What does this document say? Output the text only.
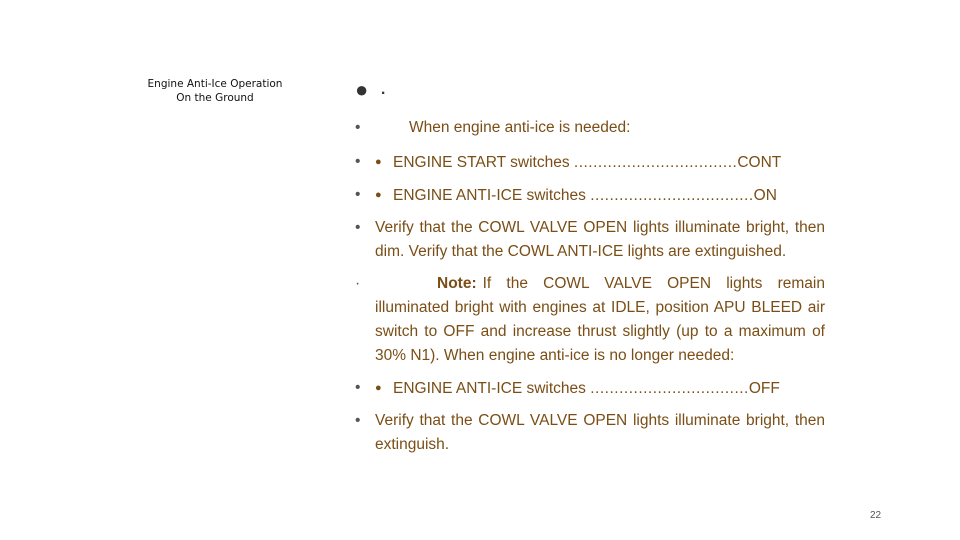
Engine Anti-Ice Operation
On the Ground	● .
•	When engine anti-ice is needed:
• ● ENGINE START switches ..................................CONT
• ● ENGINE ANTI-ICE switches ..................................ON
• Verify that the COWL VALVE OPEN lights illuminate bright, then dim. Verify that the COWL ANTI-ICE lights are extinguished.
·	Note: If the COWL VALVE OPEN lights remain illuminated bright with engines at IDLE, position APU BLEED air switch to OFF and increase thrust slightly (up to a maximum of 30% N1). When engine anti-ice is no longer needed:
• ● ENGINE ANTI-ICE switches .................................OFF
• Verify that the COWL VALVE OPEN lights illuminate bright, then extinguish.
22
